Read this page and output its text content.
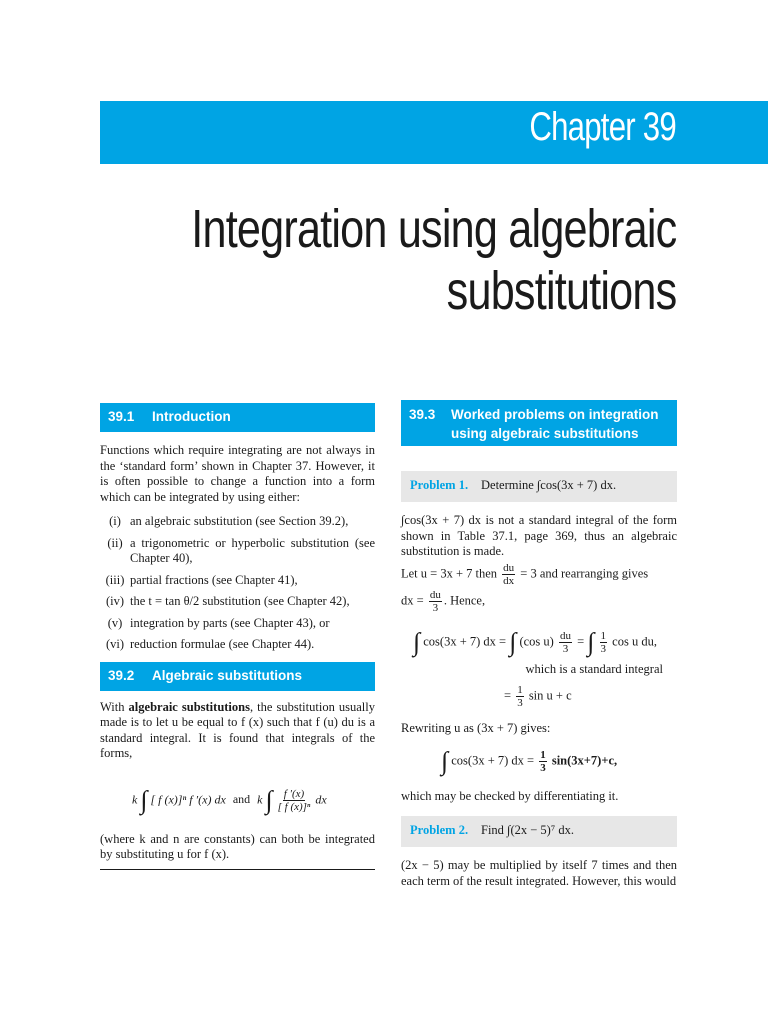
Chapter 39
Integration using algebraic
substitutions
39.1 Introduction

Functions which require integrating are not always in the ‘standard form’ shown in Chapter 37. However, it is often possible to change a function into a form which can be integrated by using either:

(i) an algebraic substitution (see Section 39.2),
(ii) a trigonometric or hyperbolic substitution (see Chapter 40),
(iii) partial fractions (see Chapter 41),
(iv) the t = tan θ/2 substitution (see Chapter 42),
(v) integration by parts (see Chapter 43), or
(vi) reduction formulae (see Chapter 44).
39.2 Algebraic substitutions

With algebraic substitutions, the substitution usually made is to let u be equal to f (x) such that f (u) du is a standard integral. It is found that integrals of the forms,

k ∫ [ f (x)]ⁿ f ′(x) dx and k ∫ $\frac{f '(x)}{\text{[ f (x)]ⁿ}}$ dx

(where k and n are constants) can both be integrated by substituting u for f (x).

39.3	Worked problems on integration using algebraic substitutions
Problem 1. Determine ∫cos(3x + 7) dx.

∫cos(3x + 7) dx is not a standard integral of the form shown in Table 37.1, page 369, thus an algebraic substitution is made.

Let u = 3x + 7 then $\frac{du}{dx} = 3$ and rearranging gives
dx = $\frac{du}{3}$ . Hence,
∫ cos(3x + 7) dx = ∫ (cos $u) \frac{du}{3}$ = ∫ $\frac{1}{3}$ cos u du,
which is a standard integral
= $\frac{1}{3}$ sin u + c

Rewriting u as (3x + 7) gives:

∫ cos(3x + 7) dx = $\frac{1}{3} \sin(3x+7)+c$,

which may be checked by differentiating it.

Problem 2. Find ∫(2x − 5)⁷ dx.

(2x − 5) may be multiplied by itself 7 times and then each term of the result integrated. However, this would
